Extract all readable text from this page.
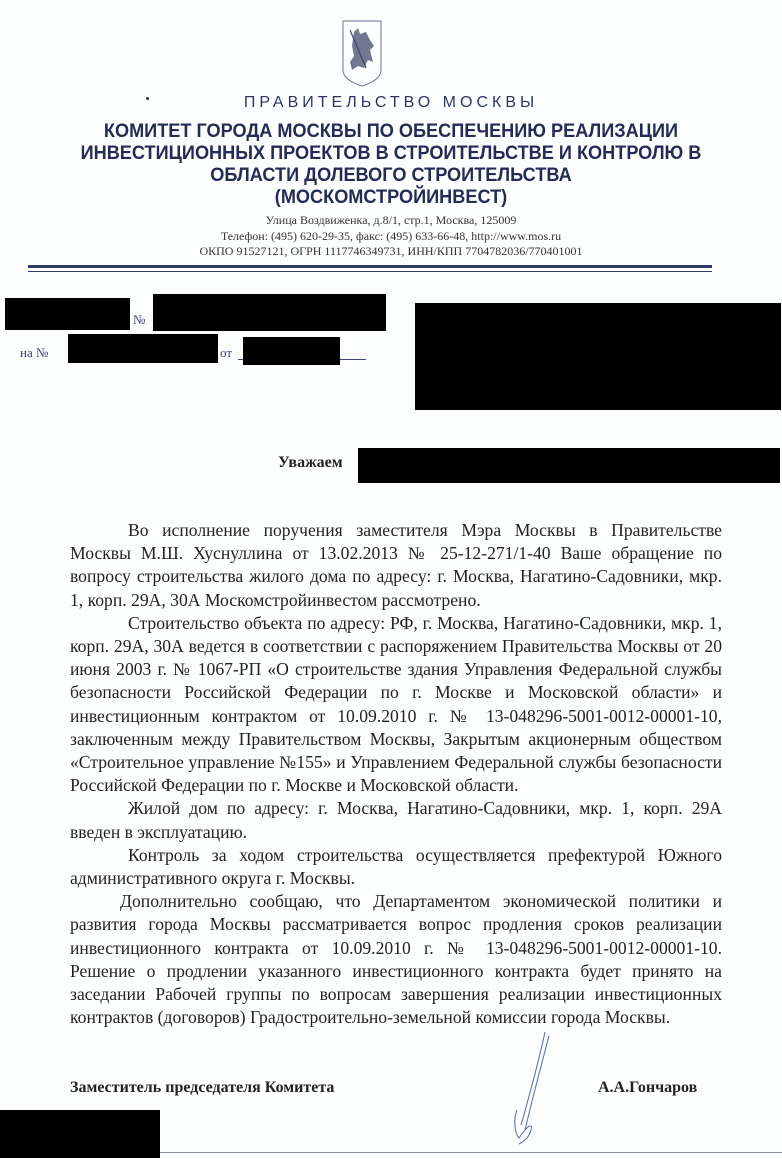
ПРАВИТЕЛЬСТВО МОСКВЫ
КОМИТЕТ ГОРОДА МОСКВЫ ПО ОБЕСПЕЧЕНИЮ РЕАЛИЗАЦИИ
ИНВЕСТИЦИОННЫХ ПРОЕКТОВ В СТРОИТЕЛЬСТВЕ И КОНТРОЛЮ В
ОБЛАСТИ ДОЛЕВОГО СТРОИТЕЛЬСТВА
(МОСКОМСТРОЙИНВЕСТ)
Улица Воздвиженка, д.8/1, стр.1, Москва, 125009
Телефон: (495) 620-29-35, факс: (495) 633-66-48, http://www.mos.ru
ОКПО 91527121, ОГРН 1117746349731, ИНН/КПП 7704782036/770401001
№
на №	от
Уважаем

Во исполнение поручения заместителя Мэра Москвы в Правительстве Москвы М.Ш. Хуснуллина от 13.02.2013 № 25-12-271/1-40 Ваше обращение по вопросу строительства жилого дома по адресу: г. Москва, Нагатино-Садовники, мкр. 1, корп. 29А, 30А Москомстройинвестом рассмотрено.

Строительство объекта по адресу: РФ, г. Москва, Нагатино-Садовники, мкр. 1, корп. 29А, 30А ведется в соответствии с распоряжением Правительства Москвы от 20 июня 2003 г. № 1067-РП «О строительстве здания Управления Федеральной службы безопасности Российской Федерации по г. Москве и Московской области» и инвестиционным контрактом от 10.09.2010 г. № 13-048296-5001-0012-00001-10, заключенным между Правительством Москвы, Закрытым акционерным обществом «Строительное управление №155» и Управлением Федеральной службы безопасности Российской Федерации по г. Москве и Московской области.

Жилой дом по адресу: г. Москва, Нагатино-Садовники, мкр. 1, корп. 29А введен в эксплуатацию.

Контроль за ходом строительства осуществляется префектурой Южного административного округа г. Москвы.

Дополнительно сообщаю, что Департаментом экономической политики и развития города Москвы рассматривается вопрос продления сроков реализации инвестиционного контракта от 10.09.2010 г. № 13-048296-5001-0012-00001-10. Решение о продлении указанного инвестиционного контракта будет принято на заседании Рабочей группы по вопросам завершения реализации инвестиционных контрактов (договоров) Градостроительно-земельной комиссии города Москвы.

Заместитель председателя Комитета	А.А.Гончаров
